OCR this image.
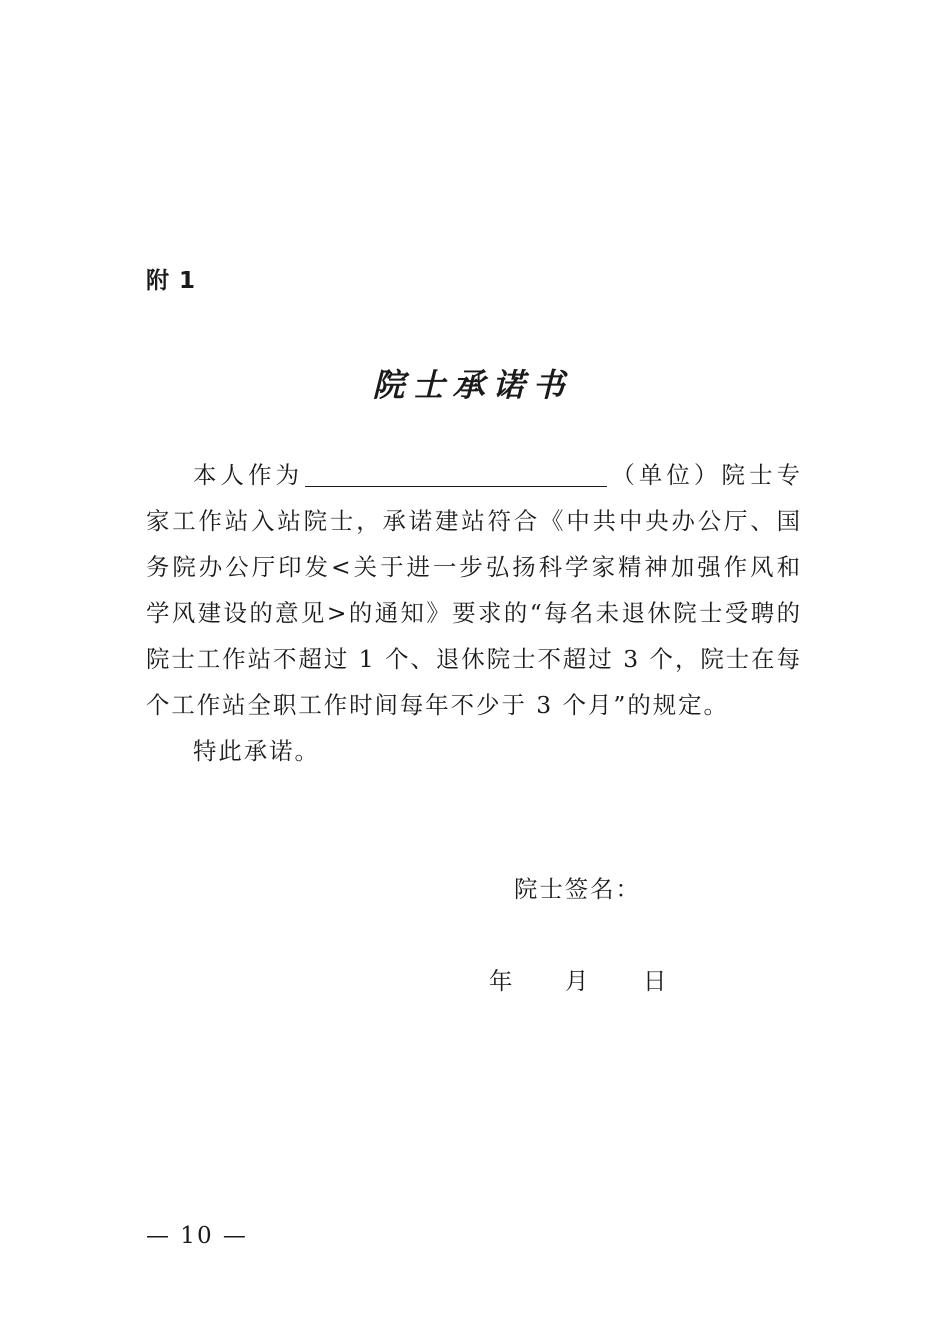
附 1
院士承诺书

本人作为	（单位）院士专家工作站入站院士，承诺建站符合《中共中央办公厅、国务院办公厅印发<关于进一步弘扬科学家精神加强作风和学风建设的意见>的通知》要求的“每名未退休院士受聘的院士工作站不超过 1 个、退休院士不超过 3 个，院士在每个工作站全职工作时间每年不少于 3 个月”的规定。

特此承诺。

院士签名：
年 月 日
— 10 —
